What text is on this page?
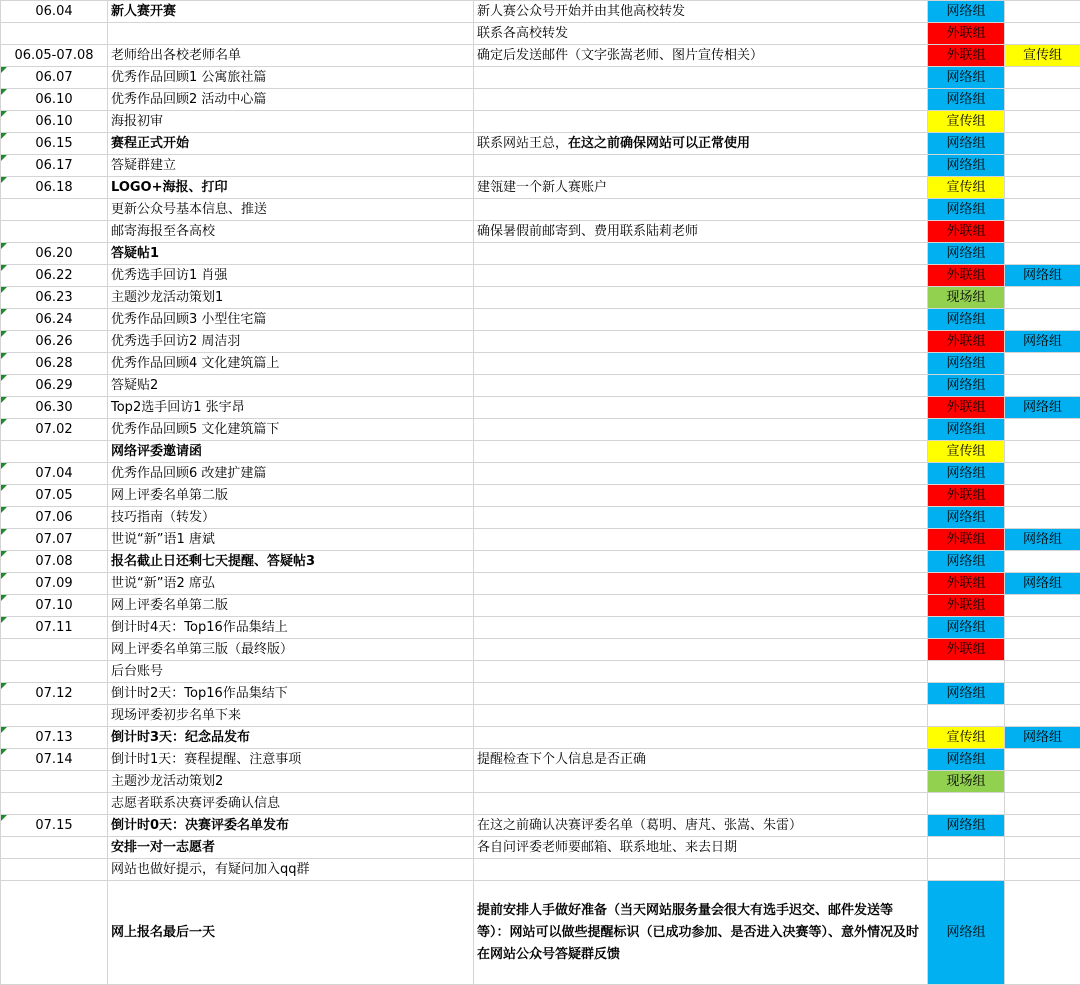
06.04	新人赛开赛	新人赛公众号开始并由其他高校转发	网络组	
		联系各高校转发	外联组	
06.05-07.08	老师给出各校老师名单	确定后发送邮件（文字张嵩老师、图片宣传相关）	外联组	宣传组

06.07	优秀作品回顾1 公寓旅社篇		网络组	

06.10	优秀作品回顾2 活动中心篇		网络组	

06.10	海报初审		宣传组	

06.15	赛程正式开始	联系网站王总，在这之前确保网站可以正常使用	网络组	

06.17	答疑群建立		网络组	

06.18	LOGO+海报、打印	建瓴建一个新人赛账户	宣传组	
	更新公众号基本信息、推送		网络组	
	邮寄海报至各高校	确保暑假前邮寄到、费用联系陆莉老师	外联组	

06.20	答疑帖1		网络组	

06.22	优秀选手回访1 肖强		外联组	网络组

06.23	主题沙龙活动策划1		现场组	

06.24	优秀作品回顾3 小型住宅篇		网络组	

06.26	优秀选手回访2 周洁羽		外联组	网络组

06.28	优秀作品回顾4 文化建筑篇上		网络组	

06.29	答疑贴2		网络组	

06.30	Top2选手回访1 张宇昂		外联组	网络组

07.02	优秀作品回顾5 文化建筑篇下		网络组	
	网络评委邀请函		宣传组	

07.04	优秀作品回顾6 改建扩建篇		网络组	

07.05	网上评委名单第二版		外联组	

07.06	技巧指南（转发）		网络组	

07.07	世说“新”语1 唐斌		外联组	网络组

07.08	报名截止日还剩七天提醒、答疑帖3		网络组	

07.09	世说“新”语2 席弘		外联组	网络组

07.10	网上评委名单第二版		外联组	

07.11	倒计时4天：Top16作品集结上		网络组	
	网上评委名单第三版（最终版）		外联组	
	后台账号			

07.12	倒计时2天：Top16作品集结下		网络组	
	现场评委初步名单下来			

07.13	倒计时3天：纪念品发布		宣传组	网络组

07.14	倒计时1天：赛程提醒、注意事项	提醒检查下个人信息是否正确	网络组	
	主题沙龙活动策划2		现场组	
	志愿者联系决赛评委确认信息			

07.15	倒计时0天：决赛评委名单发布	在这之前确认决赛评委名单（葛明、唐芃、张嵩、朱雷）	网络组	
	安排一对一志愿者	各自问评委老师要邮箱、联系地址、来去日期		
	网站也做好提示，有疑问加入qq群			
	网上报名最后一天	提前安排人手做好准备（当天网站服务量会很大有选手迟交、邮件发送等等）：网站可以做些提醒标识（已成功参加、是否进入决赛等）、意外情况及时在网站公众号答疑群反馈	网络组	
